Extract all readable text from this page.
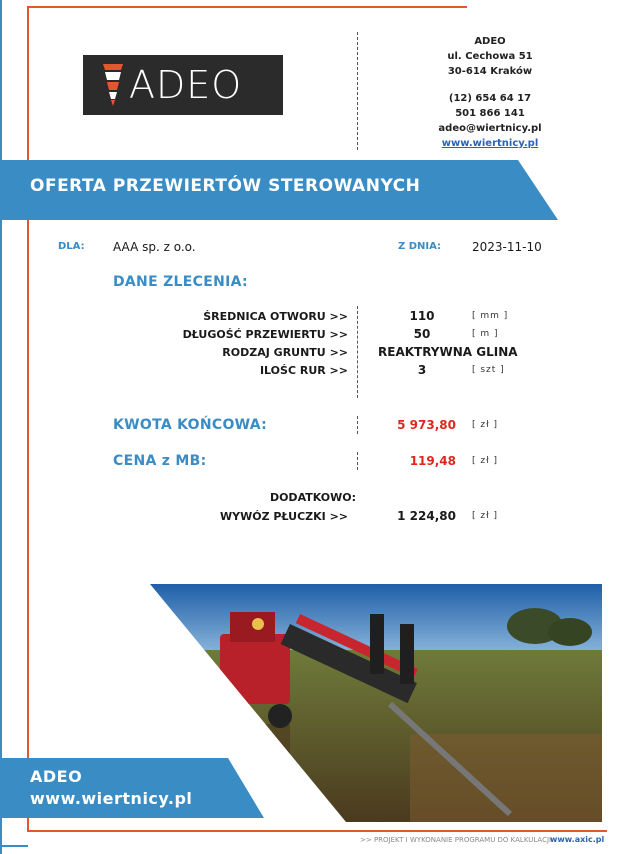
ADEO
ADEO
ul. Cechowa 51
30-614 Kraków
(12) 654 64 17
501 866 141
adeo@wiertnicy.pl
www.wiertnicy.pl
OFERTA PRZEWIERTÓW STEROWANYCH
DLA: AAA sp. z o.o.	Z DNIA:	2023-11-10
DANE ZLECENIA:
ŚREDNICA OTWORU >>	110	[ mm ]
DŁUGOŚĆ PRZEWIERTU >>	50	[ m ]
RODZAJ GRUNTU >>	REAKTRYWNA GLINA
ILOŚC RUR >>	3	[ szt ]
KWOTA KOŃCOWA:	5 973,80 [ zł ]
CENA z MB:	119,48 [ zł ]
DODATKOWO:
WYWÓZ PŁUCZKI >>	1 224,80 [ zł ]
ADEO
www.wiertnicy.pl
>> PROJEKT I WYKONANIE PROGRAMU DO KALKULACJI:
www.axic.pl
